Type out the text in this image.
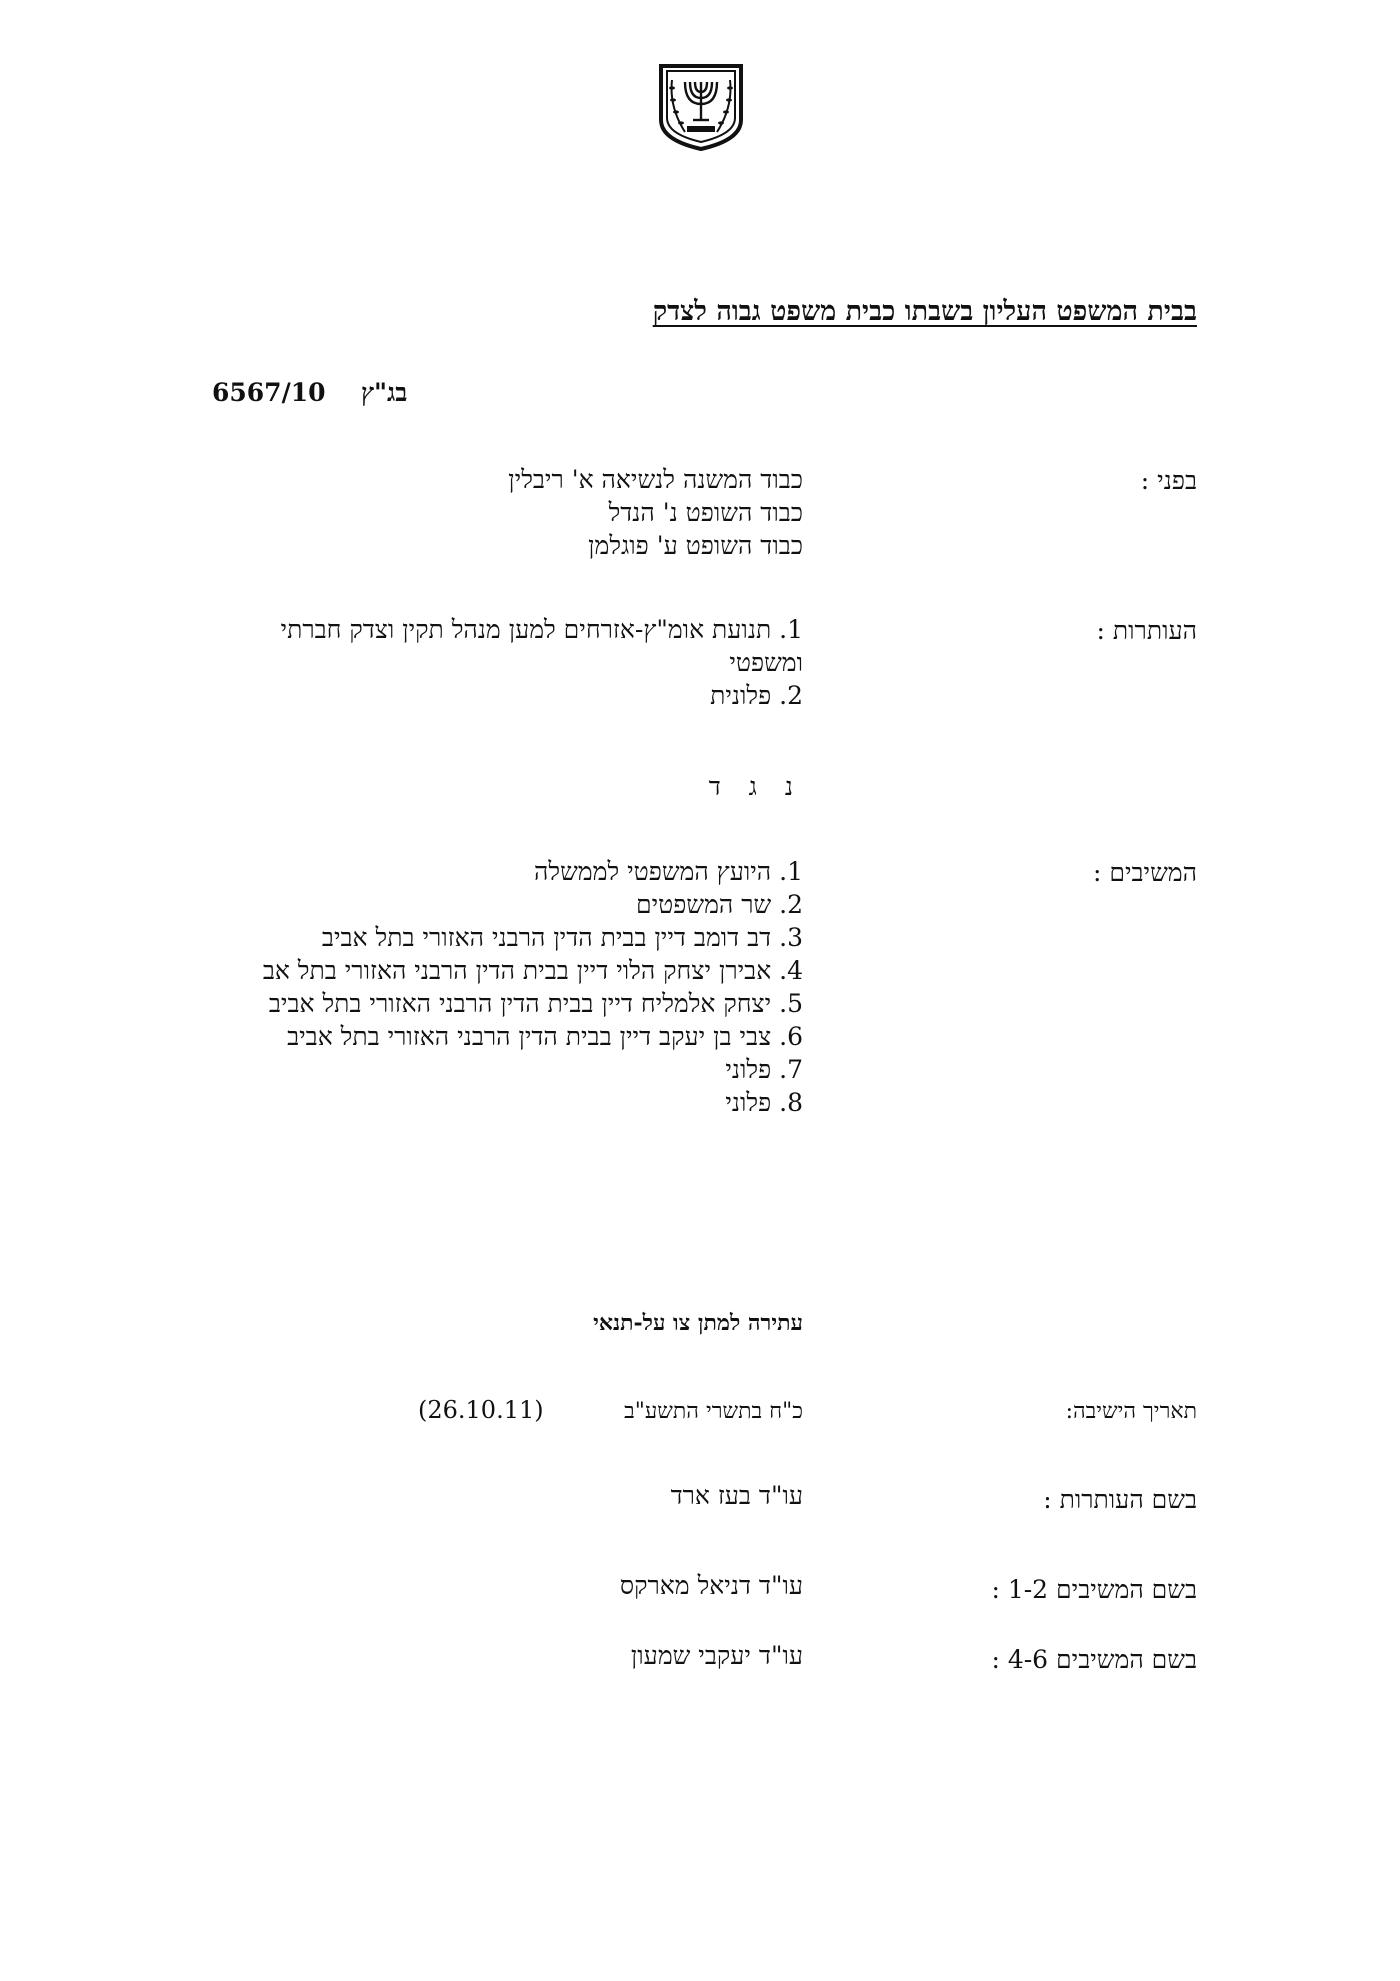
בבית המשפט העליון בשבתו כבית משפט גבוה לצדק
בג"ץ  6567/10
בפני :
כבוד המשנה לנשיאה א' ריבלין
כבוד השופט נ' הנדל
כבוד השופט ע' פוגלמן
העותרות :
1. תנועת אומ"ץ-אזרחים למען מנהל תקין וצדק חברתי ומשפטי
2. פלונית
נ ג ד
המשיבים :
1. היועץ המשפטי לממשלה
2. שר המשפטים
3. דב דומב דיין בבית הדין הרבני האזורי בתל אביב
4. אבירן יצחק הלוי דיין בבית הדין הרבני האזורי בתל אב
5. יצחק אלמליח דיין בבית הדין הרבני האזורי בתל אביב
6. צבי בן יעקב דיין בבית הדין הרבני האזורי בתל אביב
7. פלוני
8. פלוני
עתירה למתן צו על-תנאי
תאריך הישיבה:
כ"ח בתשרי התשע"ב
(26.10.11)
בשם העותרות :
עו"ד בעז ארד
בשם המשיבים 1-2 :
עו"ד דניאל מארקס
בשם המשיבים 4-6 :
עו"ד יעקבי שמעון
